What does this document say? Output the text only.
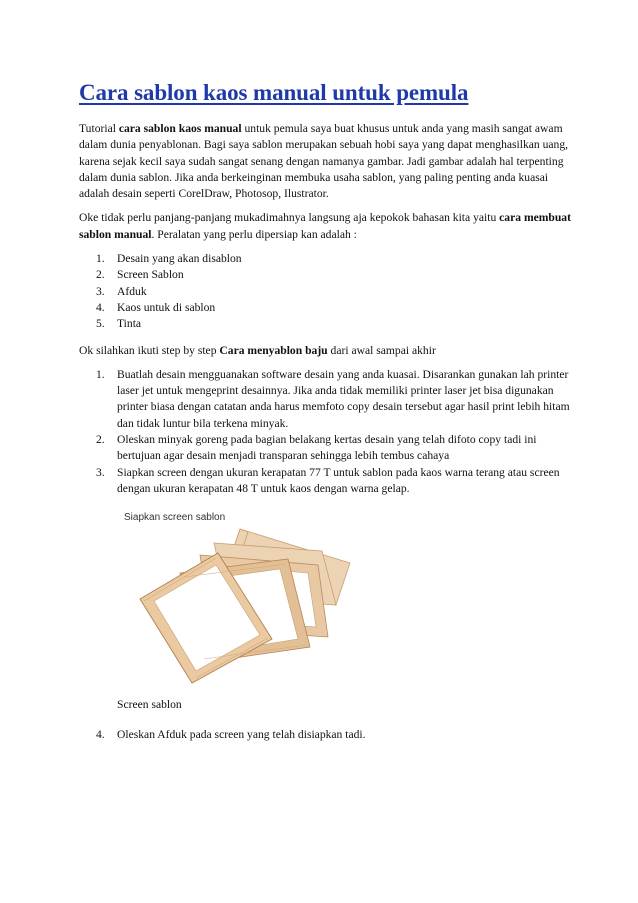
Cara sablon kaos manual untuk pemula

Tutorial cara sablon kaos manual untuk pemula saya buat khusus untuk anda yang masih sangat awam dalam dunia penyablonan. Bagi saya sablon merupakan sebuah hobi saya yang dapat menghasilkan uang, karena sejak kecil saya sudah sangat senang dengan namanya gambar. Jadi gambar adalah hal terpenting dalam dunia sablon. Jika anda berkeinginan membuka usaha sablon, yang paling penting anda kuasai adalah desain seperti CorelDraw, Photosop, Ilustrator.

Oke tidak perlu panjang-panjang mukadimahnya langsung aja kepokok bahasan kita yaitu cara membuat sablon manual. Peralatan yang perlu dipersiap kan adalah :

1. Desain yang akan disablon
2. Screen Sablon
3. Afduk
4. Kaos untuk di sablon
5. Tinta

Ok silahkan ikuti step by step Cara menyablon baju dari awal sampai akhir

1. Buatlah desain mengguanakan software desain yang anda kuasai. Disarankan gunakan lah printer laser jet untuk mengeprint desainnya. Jika anda tidak memiliki printer laser jet bisa digunakan printer biasa dengan catatan anda harus memfoto copy desain tersebut agar hasil print lebih hitam dan tidak luntur bila terkena minyak.
2. Oleskan minyak goreng pada bagian belakang kertas desain yang telah difoto copy tadi ini bertujuan agar desain menjadi transparan sehingga lebih tembus cahaya
3. Siapkan screen dengan ukuran kerapatan 77 T untuk sablon pada kaos warna terang atau screen dengan ukuran kerapatan 48 T untuk kaos dengan warna gelap.
Siapkan screen sablon
Screen sablon
4. Oleskan Afduk pada screen yang telah disiapkan tadi.
